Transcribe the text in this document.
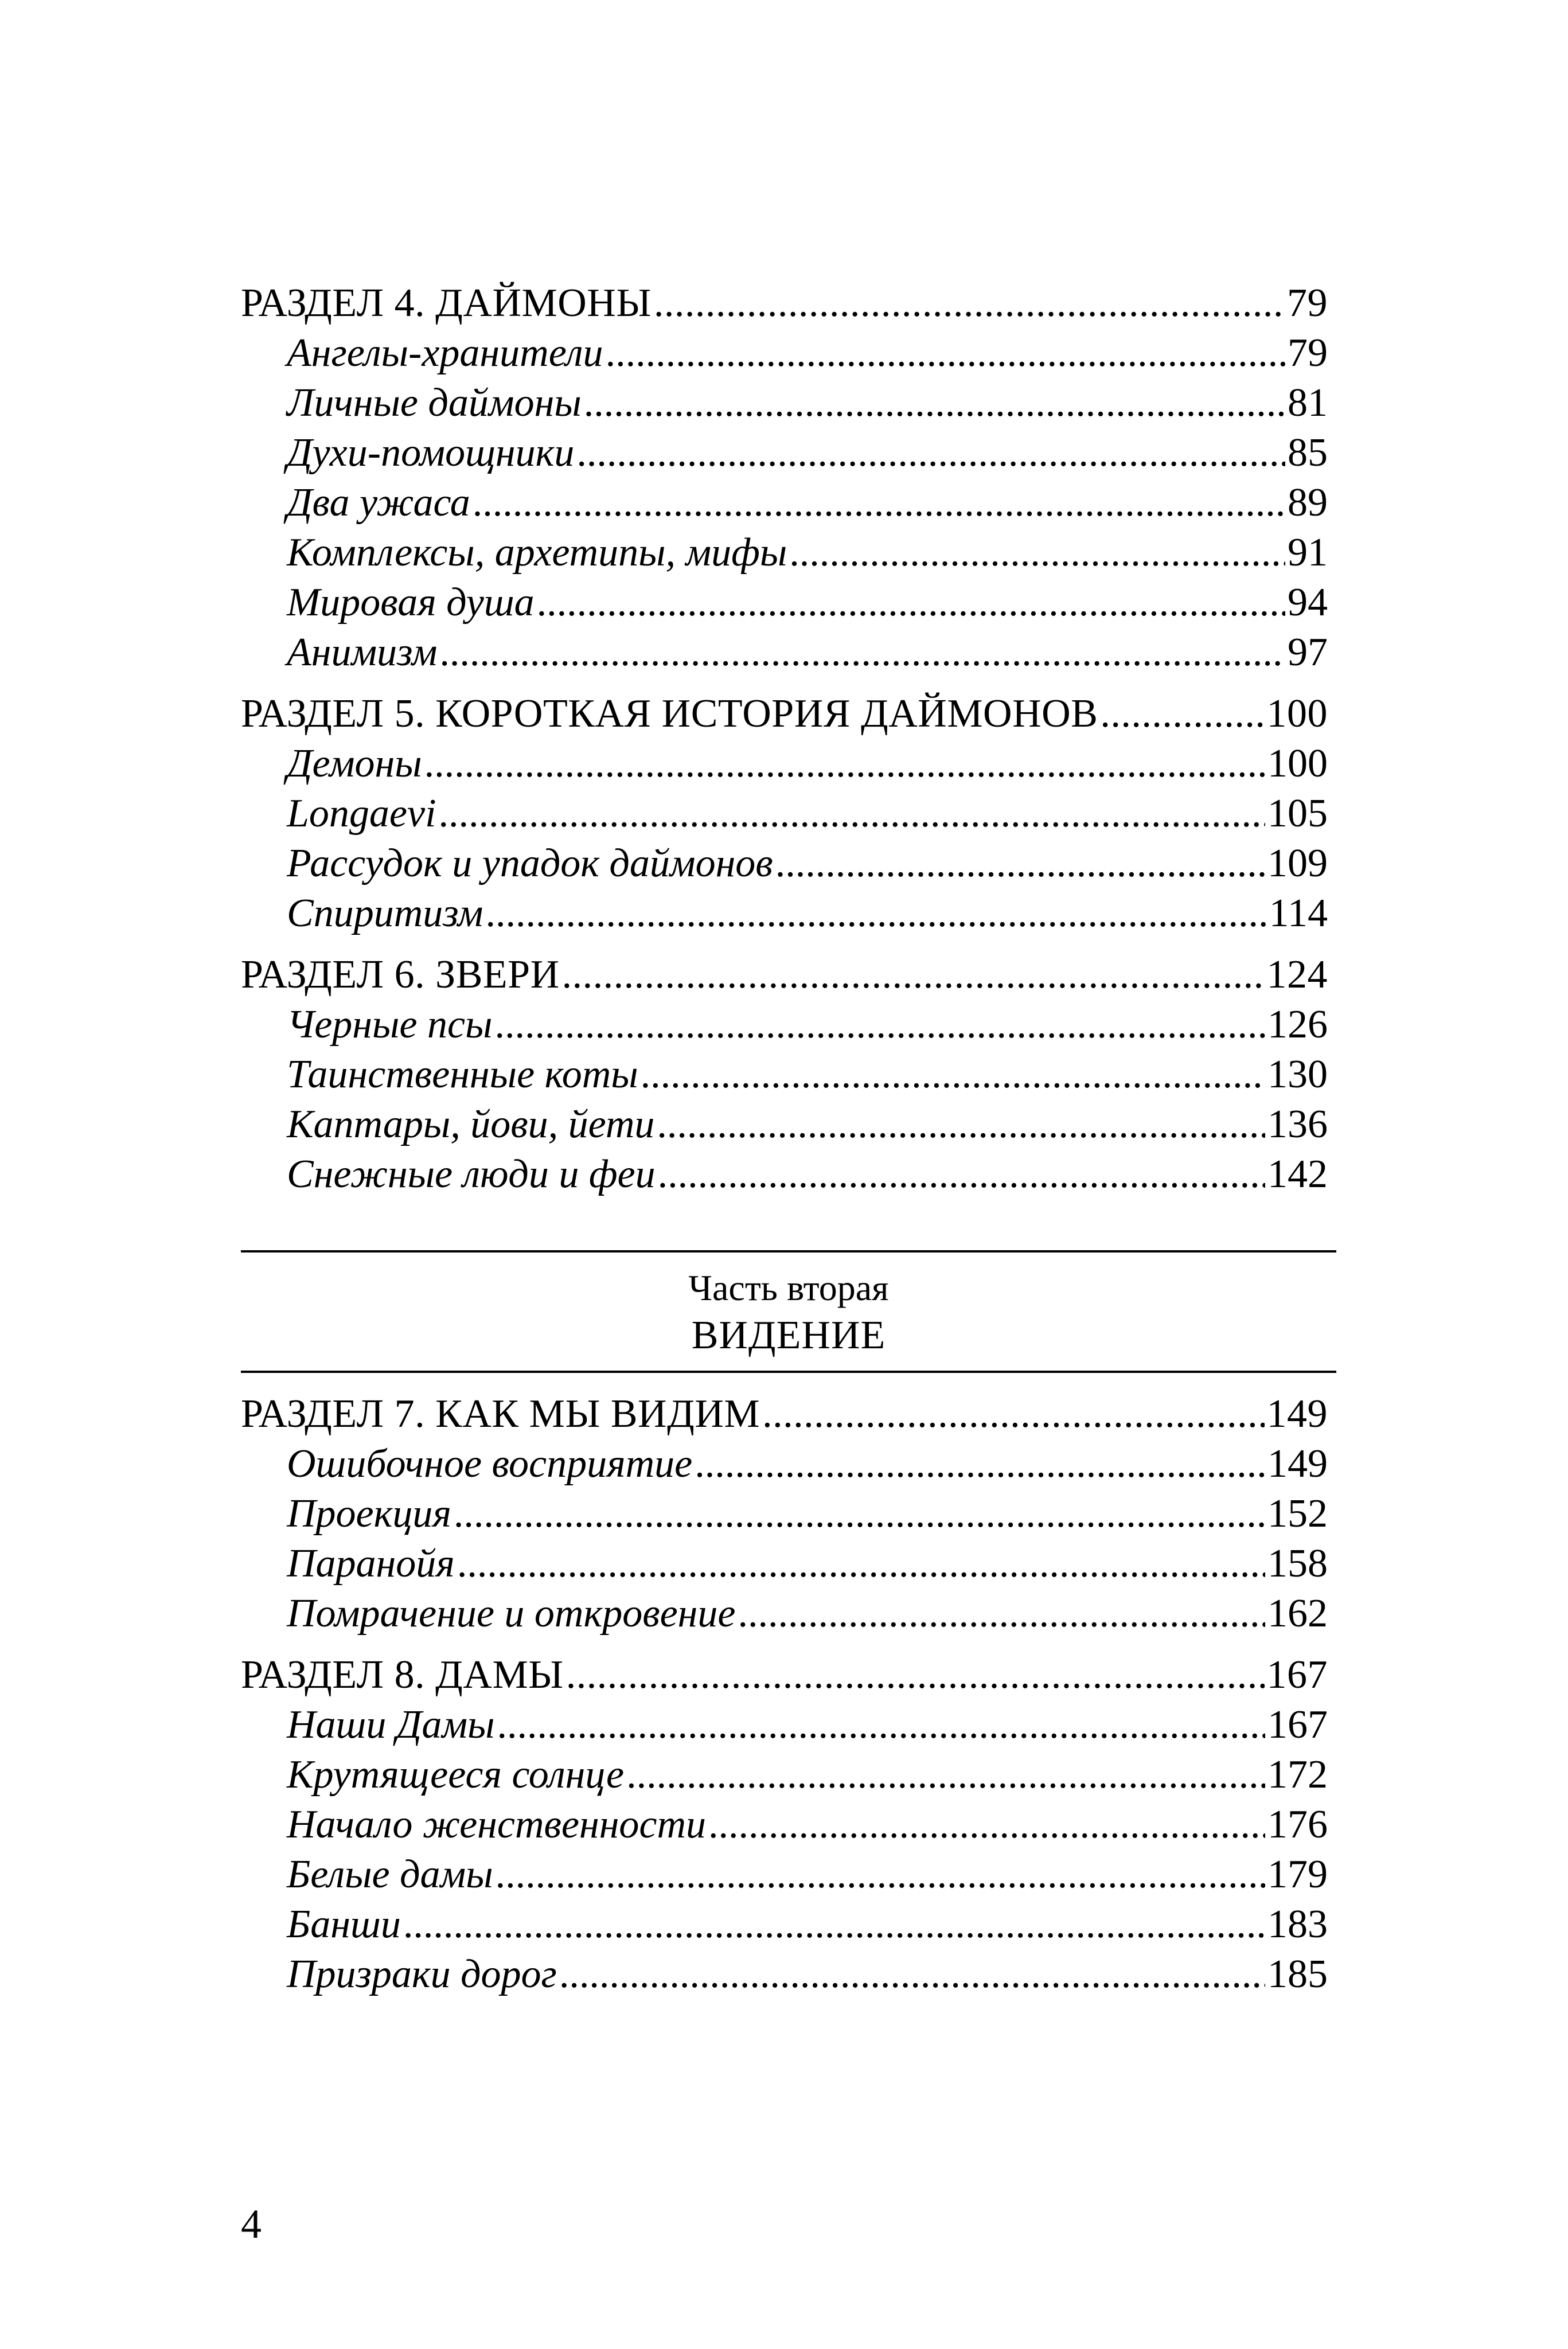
РАЗДЕЛ 4. ДАЙМОНЫ .....	79
Ангелы-хранители .....	79
Личные даймоны .....	81
Духи-помощники .....	85
Два ужаса .....	89
Комплексы, архетипы, мифы .....	91
Мировая душа .....	94
Анимизм .....	97
РАЗДЕЛ 5. КОРОТКАЯ ИСТОРИЯ ДАЙМОНОВ .....	100
Демоны .....	100
Longaevi .....	105
Рассудок и упадок даймонов .....	109
Спиритизм .....	114
РАЗДЕЛ 6. ЗВЕРИ .....	124
Черные псы .....	126
Таинственные коты .....	130
Каптары, йови, йети .....	136
Снежные люди и феи .....	142
Часть вторая
ВИДЕНИЕ
РАЗДЕЛ 7. КАК МЫ ВИДИМ .....	149
Ошибочное восприятие .....	149
Проекция .....	152
Паранойя .....	158
Помрачение и откровение .....	162
РАЗДЕЛ 8. ДАМЫ .....	167
Наши Дамы .....	167
Крутящееся солнце .....	172
Начало женственности .....	176
Белые дамы .....	179
Банши .....	183
Призраки дорог .....	185
4
